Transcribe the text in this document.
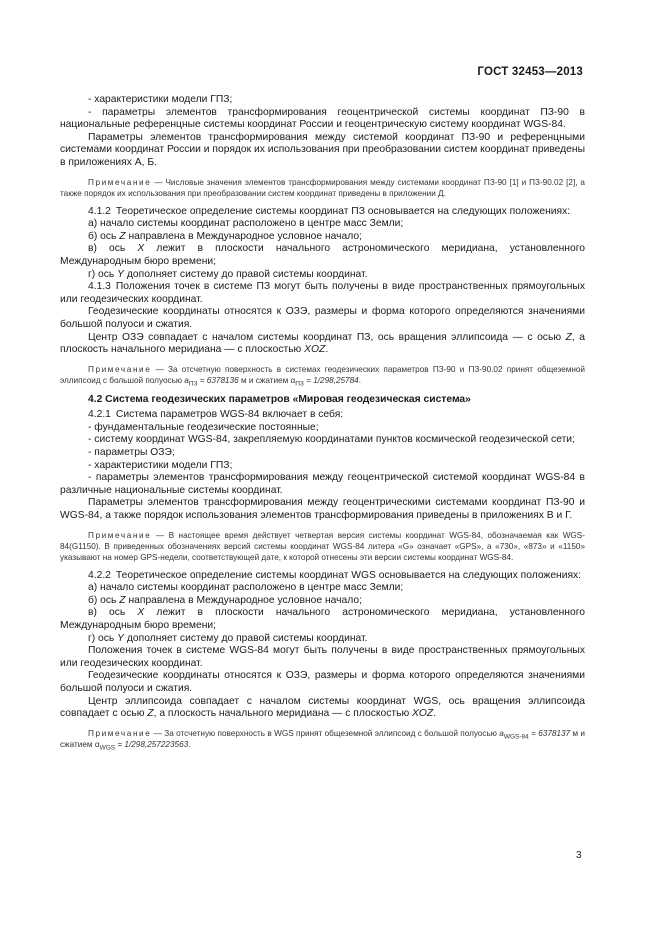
ГОСТ 32453—2013

- характеристики модели ГПЗ;

- параметры элементов трансформирования геоцентрической системы координат ПЗ-90 в национальные референцные системы координат России и геоцентрическую систему координат WGS-84.

Параметры элементов трансформирования между системой координат ПЗ-90 и референцными системами координат России и порядок их использования при преобразовании систем координат приведены в приложениях А, Б.

Примечание — Числовые значения элементов трансформирования между системами координат ПЗ-90 [1] и ПЗ-90.02 [2], а также порядок их использования при преобразовании систем координат приведены в приложении Д.

4.1.2 Теоретическое определение системы координат ПЗ основывается на следующих положениях:

а) начало системы координат расположено в центре масс Земли;

б) ось Z направлена в Международное условное начало;

в) ось X лежит в плоскости начального астрономического меридиана, установленного Международным бюро времени;

г) ось Y дополняет систему до правой системы координат.

4.1.3 Положения точек в системе ПЗ могут быть получены в виде пространственных прямоугольных или геодезических координат.

Геодезические координаты относятся к ОЗЭ, размеры и форма которого определяются значениями большой полуоси и сжатия.

Центр ОЗЭ совпадает с началом системы координат ПЗ, ось вращения эллипсоида — с осью Z, а плоскость начального меридиана — с плоскостью XOZ.

Примечание — За отсчетную поверхность в системах геодезических параметров ПЗ-90 и ПЗ-90.02 принят общеземной эллипсоид с большой полуосью $a_{ПЗ} = 6378136$ м и сжатием $\alpha_{ПЗ} = 1/298,25784$.

4.2 Система геодезических параметров «Мировая геодезическая система»

4.2.1 Система параметров WGS-84 включает в себя:

- фундаментальные геодезические постоянные;

- систему координат WGS-84, закрепляемую координатами пунктов космической геодезической сети;

- параметры ОЗЭ;

- характеристики модели ГПЗ;

- параметры элементов трансформирования между геоцентрической системой координат WGS-84 в различные национальные системы координат.

Параметры элементов трансформирования между геоцентрическими системами координат ПЗ-90 и WGS-84, а также порядок использования элементов трансформирования приведены в приложениях В и Г.

Примечание — В настоящее время действует четвертая версия системы координат WGS-84, обозначаемая как WGS-84(G1150). В приведенных обозначениях версий системы координат WGS-84 литера «G» означает «GPS», а «730», «873» и «1150» указывают на номер GPS-недели, соответствующей дате, к которой отнесены эти версии системы координат WGS-84.

4.2.2 Теоретическое определение системы координат WGS основывается на следующих положениях:

а) начало системы координат расположено в центре масс Земли;

б) ось Z направлена в Международное условное начало;

в) ось X лежит в плоскости начального астрономического меридиана, установленного Международным бюро времени;

г) ось Y дополняет систему до правой системы координат.

Положения точек в системе WGS-84 могут быть получены в виде пространственных прямоугольных или геодезических координат.

Геодезические координаты относятся к ОЗЭ, размеры и форма которого определяются значениями большой полуоси и сжатия.

Центр эллипсоида совпадает с началом системы координат WGS, ось вращения эллипсоида совпадает с осью Z, а плоскость начального меридиана — с плоскостью XOZ.

Примечание — За отсчетную поверхность в WGS принят общеземной эллипсоид с большой полуосью $a_{WGS-84} = 6378137$ м и сжатием $\alpha_{WGS} = 1/298,257223563$.

3
